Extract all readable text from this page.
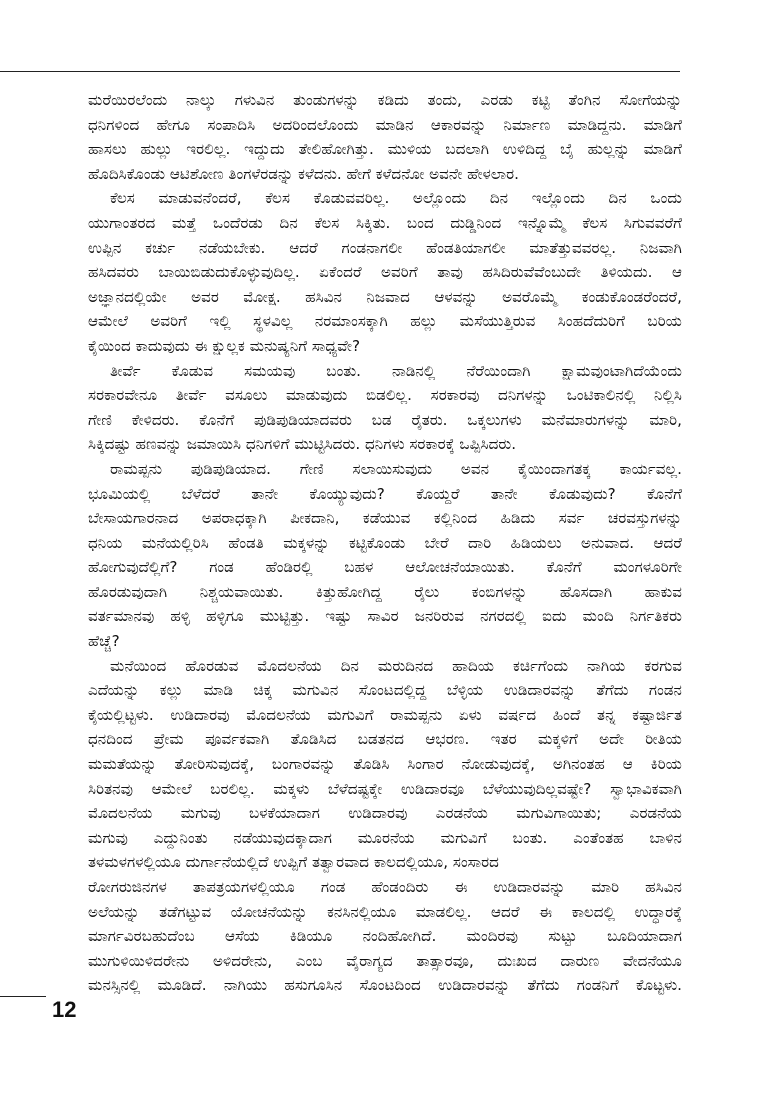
ಮರೆಯಿರಲೆಂದು ನಾಲ್ಕು ಗಳುವಿನ ತುಂಡುಗಳನ್ನು ಕಡಿದು ತಂದು, ಎರಡು ಕಟ್ಟಿ ತೆಂಗಿನ ಸೋಗೆಯನ್ನು
ಧನಿಗಳಿಂದ ಹೇಗೂ ಸಂಪಾದಿಸಿ ಅದರಿಂದಲೊಂದು ಮಾಡಿನ ಆಕಾರವನ್ನು ನಿರ್ಮಾಣ ಮಾಡಿದ್ದನು. ಮಾಡಿಗೆ
ಹಾಸಲು ಹುಲ್ಲು ಇರಲಿಲ್ಲ. ಇದ್ದುದು ತೇಲಿಹೋಗಿತ್ತು. ಮುಳಿಯ ಬದಲಾಗಿ ಉಳಿದಿದ್ದ ಬೈ ಹುಲ್ಲನ್ನು ಮಾಡಿಗೆ
ಹೊದಿಸಿಕೊಂಡು ಆಟಿಶೋಣ ತಿಂಗಳೆರಡನ್ನು ಕಳೆದನು. ಹೇಗೆ ಕಳೆದನೋ ಅವನೇ ಹೇಳಲಾರ.
ಕೆಲಸ ಮಾಡುವನೆಂದರೆ, ಕೆಲಸ ಕೊಡುವವರಿಲ್ಲ. ಅಲ್ಲೊಂದು ದಿನ ಇಲ್ಲೊಂದು ದಿನ ಒಂದು
ಯುಗಾಂತರದ ಮತ್ತೆ ಒಂದೆರಡು ದಿನ ಕೆಲಸ ಸಿಕ್ಕಿತು. ಬಂದ ದುಡ್ಡಿನಿಂದ ಇನ್ನೊಮ್ಮೆ ಕೆಲಸ ಸಿಗುವವರೆಗೆ
ಉಪ್ಪಿನ ಕರ್ಚು ನಡೆಯಬೇಕು. ಆದರೆ ಗಂಡನಾಗಲೀ ಹೆಂಡತಿಯಾಗಲೀ ಮಾತೆತ್ತುವವರಲ್ಲ. ನಿಜವಾಗಿ
ಹಸಿದವರು ಬಾಯಿಬಿಡುದುಕೊಳ್ಳುವುದಿಲ್ಲ. ಏಕೆಂದರೆ ಅವರಿಗೆ ತಾವು ಹಸಿದಿರುವೆವೆಂಬುದೇ ತಿಳಿಯದು. ಆ
ಅಜ್ಞಾನದಲ್ಲಿಯೇ ಅವರ ಮೋಕ್ಷ. ಹಸಿವಿನ ನಿಜವಾದ ಆಳವನ್ನು ಅವರೊಮ್ಮೆ ಕಂಡುಕೊಂಡರೆಂದರೆ,
ಆಮೇಲೆ ಅವರಿಗೆ ಇಲ್ಲಿ ಸ್ಥಳವಿಲ್ಲ ನರಮಾಂಸಕ್ಕಾಗಿ ಹಲ್ಲು ಮಸೆಯುತ್ತಿರುವ ಸಿಂಹದೆದುರಿಗೆ ಬರಿಯ
ಕೈಯಿಂದ ಕಾದುವುದು ಈ ಕ್ಷುಲ್ಲಕ ಮನುಷ್ಯನಿಗೆ ಸಾಧ್ಯವೇ?
ತೀರ್ವೆ ಕೊಡುವ ಸಮಯವು ಬಂತು. ನಾಡಿನಲ್ಲಿ ನೆರೆಯಿಂದಾಗಿ ಕ್ಷಾಮವುಂಟಾಗಿದೆಯೆಂದು
ಸರಕಾರವೇನೂ ತೀರ್ವೆ ವಸೂಲು ಮಾಡುವುದು ಬಿಡಲಿಲ್ಲ. ಸರಕಾರವು ದನಿಗಳನ್ನು ಒಂಟಿಕಾಲಿನಲ್ಲಿ ನಿಲ್ಲಿಸಿ
ಗೇಣಿ ಕೇಳಿದರು. ಕೊನೆಗೆ ಪುಡಿಪುಡಿಯಾದವರು ಬಡ ರೈತರು. ಒಕ್ಕಲುಗಳು ಮನೆಮಾರುಗಳನ್ನು ಮಾರಿ,
ಸಿಕ್ಕಿದಷ್ಟು ಹಣವನ್ನು ಜಮಾಯಿಸಿ ಧನಿಗಳಿಗೆ ಮುಟ್ಟಿಸಿದರು. ಧನಿಗಳು ಸರಕಾರಕ್ಕೆ ಒಪ್ಪಿಸಿದರು.
ರಾಮಪ್ಪನು ಪುಡಿಪುಡಿಯಾದ. ಗೇಣಿ ಸಲಾಯಿಸುವುದು ಅವನ ಕೈಯಿಂದಾಗತಕ್ಕ ಕಾರ್ಯವಲ್ಲ.
ಭೂಮಿಯಲ್ಲಿ ಬೆಳೆದರೆ ತಾನೇ ಕೊಯ್ಯುವುದು? ಕೊಯ್ದರೆ ತಾನೇ ಕೊಡುವುದು? ಕೊನೆಗೆ
ಬೇಸಾಯಗಾರನಾದ ಅಪರಾಧಕ್ಕಾಗಿ ಪೀಕದಾನಿ, ಕಡೆಯುವ ಕಲ್ಲಿನಿಂದ ಹಿಡಿದು ಸರ್ವ ಚರವಸ್ತುಗಳನ್ನು
ಧನಿಯ ಮನೆಯಲ್ಲಿರಿಸಿ ಹೆಂಡತಿ ಮಕ್ಕಳನ್ನು ಕಟ್ಟಿಕೊಂಡು ಬೇರೆ ದಾರಿ ಹಿಡಿಯಲು ಅನುವಾದ. ಆದರೆ
ಹೋಗುವುದೆಲ್ಲಿಗೆ? ಗಂಡ ಹೆಂಡಿರಲ್ಲಿ ಬಹಳ ಆಲೋಚನೆಯಾಯಿತು. ಕೊನೆಗೆ ಮಂಗಳೂರಿಗೇ
ಹೊರಡುವುದಾಗಿ ನಿಶ್ಚಯವಾಯಿತು. ಕಿತ್ತುಹೋಗಿದ್ದ ರೈಲು ಕಂಬಿಗಳನ್ನು ಹೊಸದಾಗಿ ಹಾಕುವ
ವರ್ತಮಾನವು ಹಳ್ಳಿ ಹಳ್ಳಿಗೂ ಮುಟ್ಟಿತ್ತು. ಇಷ್ಟು ಸಾವಿರ ಜನರಿರುವ ನಗರದಲ್ಲಿ ಐದು ಮಂದಿ ನಿರ್ಗತಿಕರು
ಹೆಚ್ಚೆ?
ಮನೆಯಿಂದ ಹೊರಡುವ ಮೊದಲನೆಯ ದಿನ ಮರುದಿನದ ಹಾದಿಯ ಕರ್ಚಿಗೆಂದು ನಾಗಿಯ ಕರಗುವ
ಎದೆಯನ್ನು ಕಲ್ಲು ಮಾಡಿ ಚಿಕ್ಕ ಮಗುವಿನ ಸೊಂಟದಲ್ಲಿದ್ದ ಬೆಳ್ಳಿಯ ಉಡಿದಾರವನ್ನು ತೆಗೆದು ಗಂಡನ
ಕೈಯಲ್ಲಿಟ್ಟಳು. ಉಡಿದಾರವು ಮೊದಲನೆಯ ಮಗುವಿಗೆ ರಾಮಪ್ಪನು ಏಳು ವರ್ಷದ ಹಿಂದೆ ತನ್ನ ಕಷ್ಟಾರ್ಜಿತ
ಧನದಿಂದ ಪ್ರೇಮ ಪೂರ್ವಕವಾಗಿ ತೊಡಿಸಿದ ಬಡತನದ ಆಭರಣ. ಇತರ ಮಕ್ಕಳಿಗೆ ಅದೇ ರೀತಿಯ
ಮಮತೆಯನ್ನು ತೋರಿಸುವುದಕ್ಕೆ, ಬಂಗಾರವನ್ನು ತೊಡಿಸಿ ಸಿಂಗಾರ ನೋಡುವುದಕ್ಕೆ, ಅಗಿನಂತಹ ಆ ಕಿರಿಯ
ಸಿರಿತನವು ಆಮೇಲೆ ಬರಲಿಲ್ಲ. ಮಕ್ಕಳು ಬೆಳೆದಷ್ಟಕ್ಕೇ ಉಡಿದಾರವೂ ಬೆಳೆಯುವುದಿಲ್ಲವಷ್ಟೇ? ಸ್ವಾಭಾವಿಕವಾಗಿ
ಮೊದಲನೆಯ ಮಗುವು ಬಳಕೆಯಾದಾಗ ಉಡಿದಾರವು ಎರಡನೆಯ ಮಗುವಿಗಾಯಿತು; ಎರಡನೆಯ
ಮಗುವು ಎದ್ದುನಿಂತು ನಡೆಯುವುದಕ್ಕಾದಾಗ ಮೂರನೆಯ ಮಗುವಿಗೆ ಬಂತು. ಎಂತೆಂತಹ ಬಾಳಿನ
ತಳಮಳಗಳಲ್ಲಿಯೂ ದುರ್ಗಾನೆಯಲ್ಲಿದೆ ಉಪ್ಪಿಗೆ ತತ್ವಾರವಾದ ಕಾಲದಲ್ಲಿಯೂ, ಸಂಸಾರದ
ರೋಗರುಜಿನಗಳ ತಾಪತ್ರಯಗಳಲ್ಲಿಯೂ ಗಂಡ ಹೆಂಡಂದಿರು ಈ ಉಡಿದಾರವನ್ನು ಮಾರಿ ಹಸಿವಿನ
ಅಲೆಯನ್ನು ತಡೆಗಟ್ಟುವ ಯೋಚನೆಯನ್ನು ಕನಸಿನಲ್ಲಿಯೂ ಮಾಡಲಿಲ್ಲ. ಆದರೆ ಈ ಕಾಲದಲ್ಲಿ ಉದ್ಧಾರಕ್ಕೆ
ಮಾರ್ಗವಿರಬಹುದೆಂಬ ಆಸೆಯ ಕಿಡಿಯೂ ನಂದಿಹೋಗಿದೆ. ಮಂದಿರವು ಸುಟ್ಟು ಬೂದಿಯಾದಾಗ
ಮುಗುಳಿಯಿಳಿದರೇನು ಅಳಿದರೇನು, ಎಂಬ ವೈರಾಗ್ಯದ ತಾತ್ಸಾರವೂ, ದುಃಖದ ದಾರುಣ ವೇದನೆಯೂ
ಮನಸ್ಸಿನಲ್ಲಿ ಮೂಡಿದೆ. ನಾಗಿಯು ಹಸುಗೂಸಿನ ಸೊಂಟದಿಂದ ಉಡಿದಾರವನ್ನು ತೆಗೆದು ಗಂಡನಿಗೆ ಕೊಟ್ಟಳು.
12
